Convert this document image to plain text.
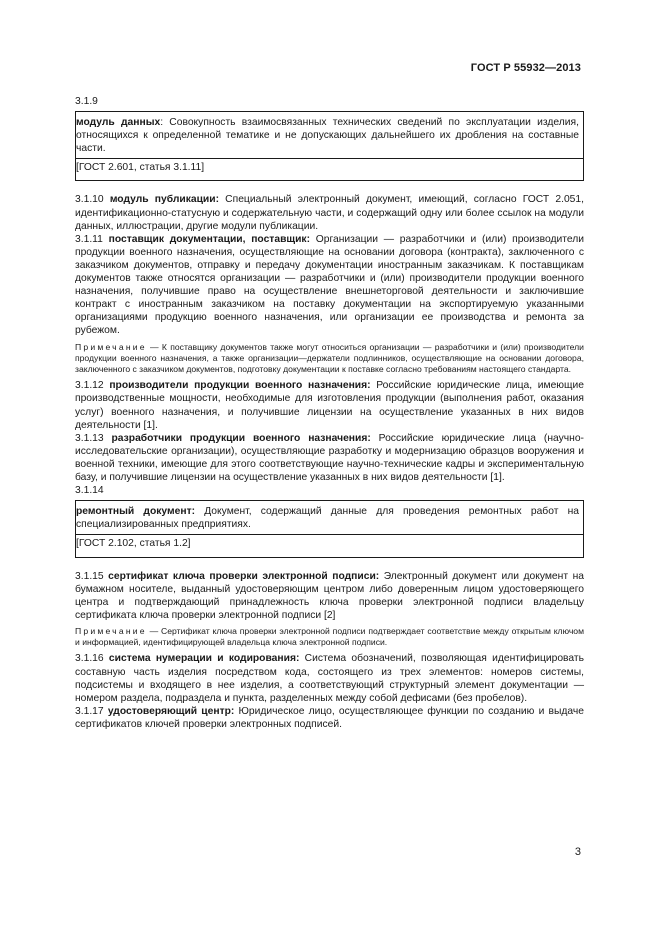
ГОСТ Р 55932—2013

3.1.9

модуль данных: Совокупность взаимосвязанных технических сведений по эксплуатации изделия, относящихся к определенной тематике и не допускающих дальнейшего их дробления на составные части.

[ГОСТ 2.601, статья 3.1.11]

3.1.10 модуль публикации: Специальный электронный документ, имеющий, согласно ГОСТ 2.051, идентификационно-статусную и содержательную части, и содержащий одну или более ссылок на модули данных, иллюстрации, другие модули публикации.

3.1.11 поставщик документации, поставщик: Организации — разработчики и (или) производители продукции военного назначения, осуществляющие на основании договора (контракта), заключенного с заказчиком документов, отправку и передачу документации иностранным заказчикам. К поставщикам документов также относятся организации — разработчики и (или) производители продукции военного назначения, получившие право на осуществление внешнеторговой деятельности и заключившие контракт с иностранным заказчиком на поставку документации на экспортируемую указанными организациями продукцию военного назначения, или организации ее производства и ремонта за рубежом.

Примечание — К поставщику документов также могут относиться организации — разработчики и (или) производители продукции военного назначения, а также организации—держатели подлинников, осуществляющие на основании договора, заключенного с заказчиком документов, подготовку документации к поставке согласно требованиям настоящего стандарта.

3.1.12 производители продукции военного назначения: Российские юридические лица, имеющие производственные мощности, необходимые для изготовления продукции (выполнения работ, оказания услуг) военного назначения, и получившие лицензии на осуществление указанных в них видов деятельности [1].

3.1.13 разработчики продукции военного назначения: Российские юридические лица (научно-исследовательские организации), осуществляющие разработку и модернизацию образцов вооружения и военной техники, имеющие для этого соответствующие научно-технические кадры и экспериментальную базу, и получившие лицензии на осуществление указанных в них видов деятельности [1].

3.1.14

ремонтный документ: Документ, содержащий данные для проведения ремонтных работ на специализированных предприятиях.

[ГОСТ 2.102, статья 1.2]

3.1.15 сертификат ключа проверки электронной подписи: Электронный документ или документ на бумажном носителе, выданный удостоверяющим центром либо доверенным лицом удостоверяющего центра и подтверждающий принадлежность ключа проверки электронной подписи владельцу сертификата ключа проверки электронной подписи [2]

Примечание — Сертификат ключа проверки электронной подписи подтверждает соответствие между открытым ключом и информацией, идентифицирующей владельца ключа электронной подписи.

3.1.16 система нумерации и кодирования: Система обозначений, позволяющая идентифицировать составную часть изделия посредством кода, состоящего из трех элементов: номеров системы, подсистемы и входящего в нее изделия, а соответствующий структурный элемент документации — номером раздела, подраздела и пункта, разделенных между собой дефисами (без пробелов).

3.1.17 удостоверяющий центр: Юридическое лицо, осуществляющее функции по созданию и выдаче сертификатов ключей проверки электронных подписей.

3
